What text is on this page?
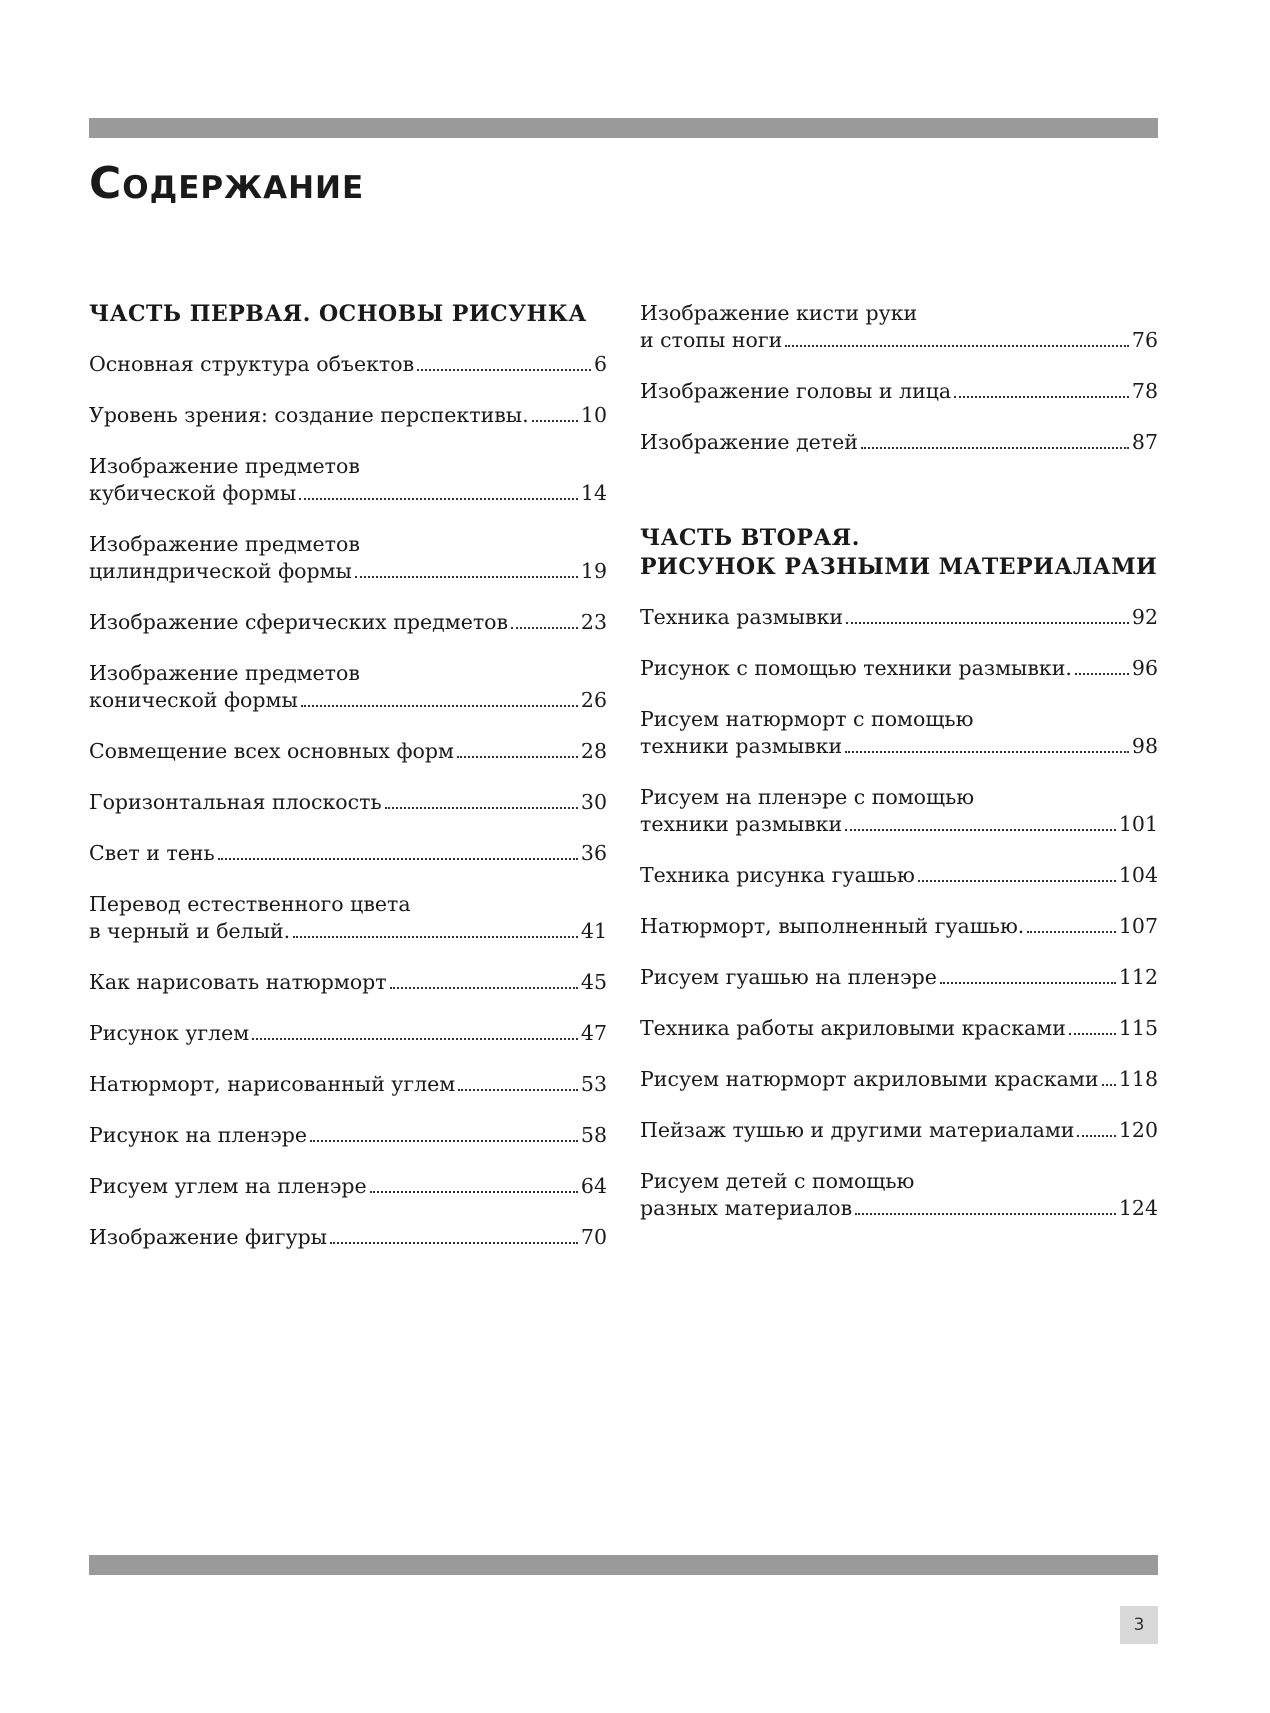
Содержание
ЧАСТЬ ПЕРВАЯ. ОСНОВЫ РИСУНКА
Основная структура объектов	6
Уровень зрения: создание перспективы.	10
Изображение предметов
кубической формы	14
Изображение предметов
цилиндрической формы	19
Изображение сферических предметов	23
Изображение предметов
конической формы	26
Совмещение всех основных форм	28
Горизонтальная плоскость	30
Свет и тень	36
Перевод естественного цвета
в черный и белый.	41
Как нарисовать натюрморт	45
Рисунок углем	47
Натюрморт, нарисованный углем	53
Рисунок на пленэре	58
Рисуем углем на пленэре	64
Изображение фигуры	70
Изображение кисти руки
и стопы ноги	76
Изображение головы и лица	78
Изображение детей	87
ЧАСТЬ ВТОРАЯ.
РИСУНОК РАЗНЫМИ МАТЕРИАЛАМИ
Техника размывки	92
Рисунок с помощью техники размывки.	96
Рисуем натюрморт с помощью
техники размывки	98
Рисуем на пленэре с помощью
техники размывки	101
Техника рисунка гуашью	104
Натюрморт, выполненный гуашью.	107
Рисуем гуашью на пленэре	112
Техника работы акриловыми красками	115
Рисуем натюрморт акриловыми красками 118
Пейзаж тушью и другими материалами 120
Рисуем детей с помощью
разных материалов	124
3
